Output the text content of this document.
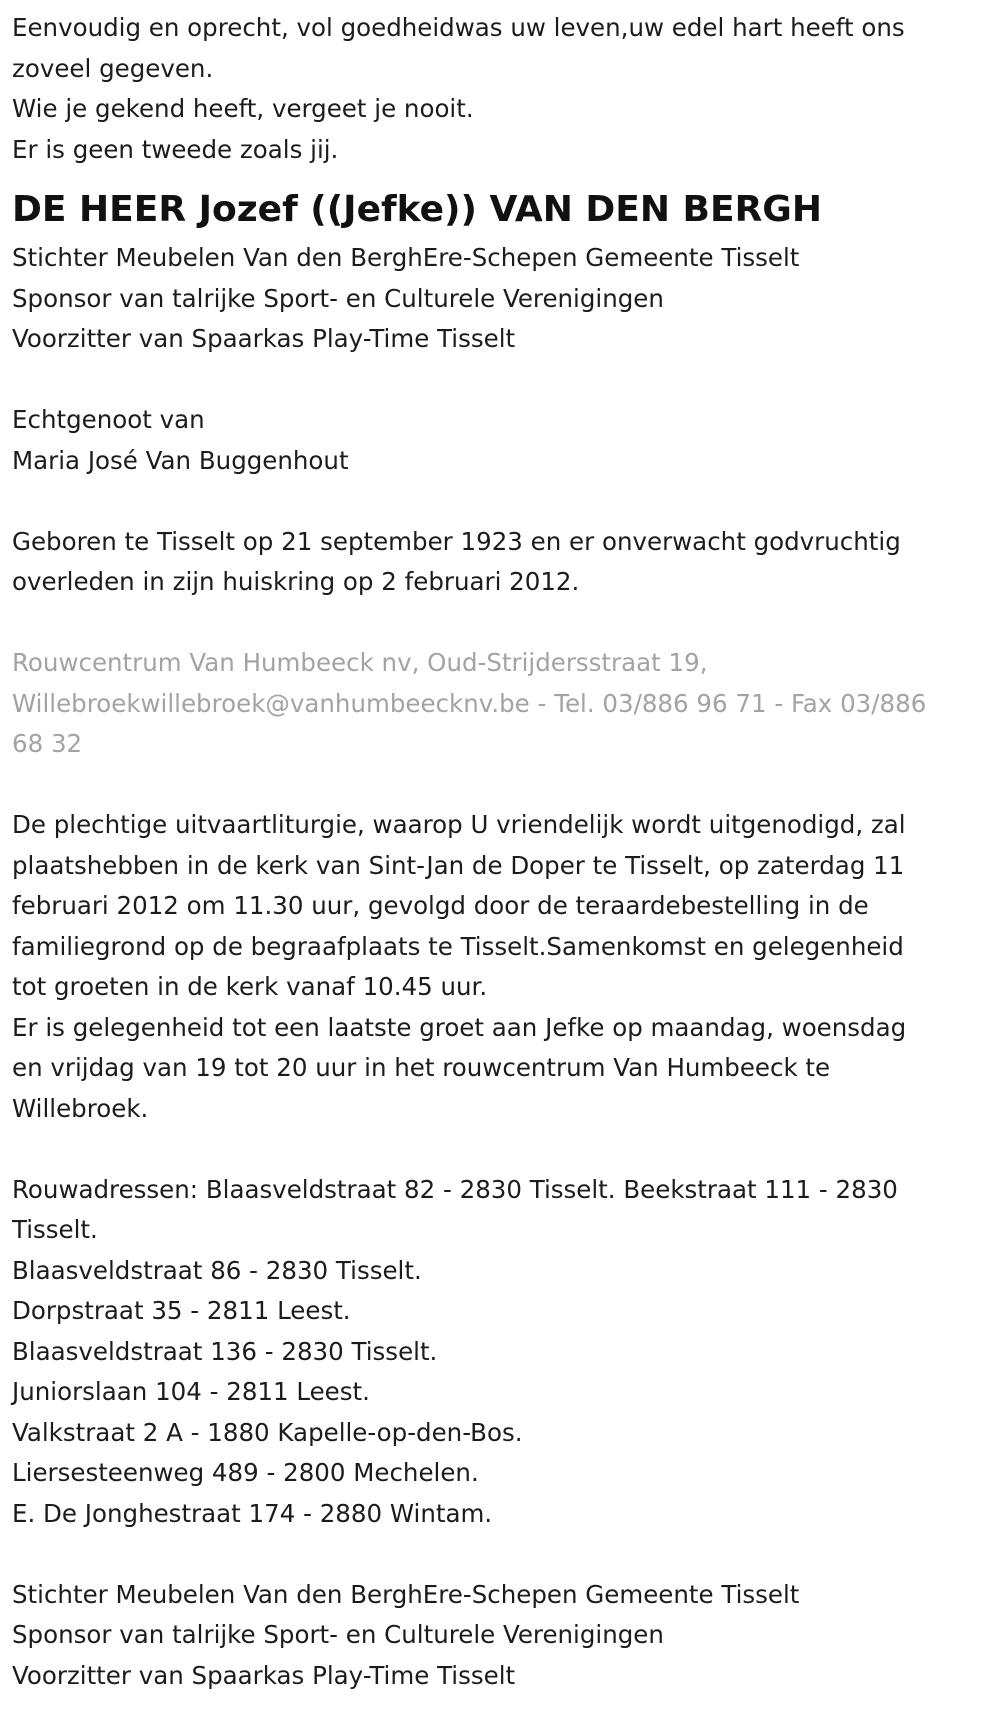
Eenvoudig en oprecht, vol goedheidwas uw leven,uw edel hart heeft ons
zoveel gegeven.
Wie je gekend heeft, vergeet je nooit.
Er is geen tweede zoals jij.

DE HEER Jozef ((Jefke)) VAN DEN BERGH

Stichter Meubelen Van den BerghEre-Schepen Gemeente Tisselt
Sponsor van talrijke Sport- en Culturele Verenigingen
Voorzitter van Spaarkas Play-Time Tisselt

Echtgenoot van
Maria José Van Buggenhout

Geboren te Tisselt op 21 september 1923 en er onverwacht godvruchtig
overleden in zijn huiskring op 2 februari 2012.

Rouwcentrum Van Humbeeck nv, Oud-Strijdersstraat 19,
Willebroekwillebroek@vanhumbeecknv.be - Tel. 03/886 96 71 - Fax 03/886
68 32

De plechtige uitvaartliturgie, waarop U vriendelijk wordt uitgenodigd, zal
plaatshebben in de kerk van Sint-Jan de Doper te Tisselt, op zaterdag 11
februari 2012 om 11.30 uur, gevolgd door de teraardebestelling in de
familiegrond op de begraafplaats te Tisselt.Samenkomst en gelegenheid
tot groeten in de kerk vanaf 10.45 uur.
Er is gelegenheid tot een laatste groet aan Jefke op maandag, woensdag
en vrijdag van 19 tot 20 uur in het rouwcentrum Van Humbeeck te
Willebroek.

Rouwadressen: Blaasveldstraat 82 - 2830 Tisselt. Beekstraat 111 - 2830
Tisselt.
Blaasveldstraat 86 - 2830 Tisselt.
Dorpstraat 35 - 2811 Leest.
Blaasveldstraat 136 - 2830 Tisselt.
Juniorslaan 104 - 2811 Leest.
Valkstraat 2 A - 1880 Kapelle-op-den-Bos.
Liersesteenweg 489 - 2800 Mechelen.
E. De Jonghestraat 174 - 2880 Wintam.

Stichter Meubelen Van den BerghEre-Schepen Gemeente Tisselt
Sponsor van talrijke Sport- en Culturele Verenigingen
Voorzitter van Spaarkas Play-Time Tisselt
